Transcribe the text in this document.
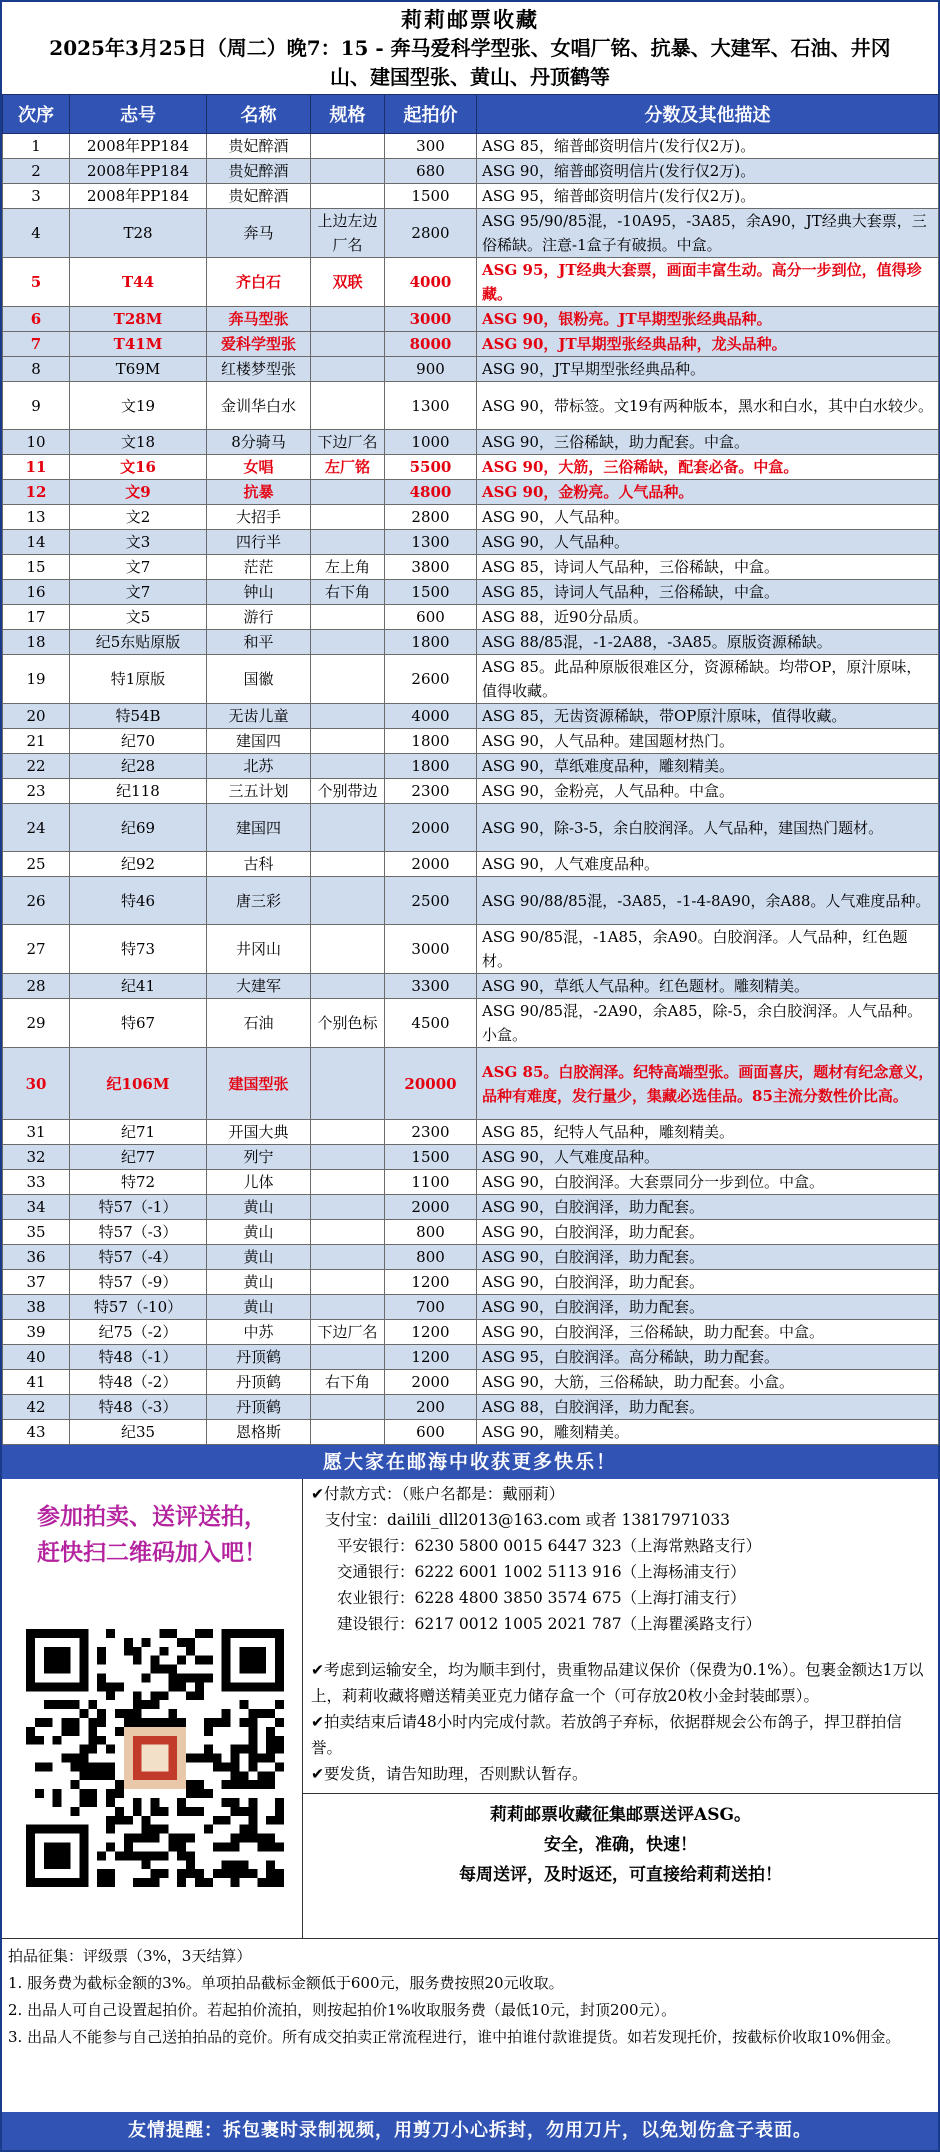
莉莉邮票收藏
2025年3月25日（周二）晚7：15 - 奔马爱科学型张、女唱厂铭、抗暴、大建军、石油、井冈
山、建国型张、黄山、丹顶鹤等
次序	志号	名称	规格	起拍价	分数及其他描述
1	2008年PP184	贵妃醉酒		300	ASG 85，缩普邮资明信片(发行仅2万)。
2	2008年PP184	贵妃醉酒		680	ASG 90，缩普邮资明信片(发行仅2万)。
3	2008年PP184	贵妃醉酒		1500	ASG 95，缩普邮资明信片(发行仅2万)。
4	T28	奔马	上边左边厂名	2800	ASG 95/90/85混，-10A95，-3A85，余A90，JT经典大套票，三俗稀缺。注意-1盒子有破损。中盒。
5	T44	齐白石	双联	4000	ASG 95，JT经典大套票，画面丰富生动。高分一步到位，值得珍藏。
6	T28M	奔马型张		3000	ASG 90，银粉亮。JT早期型张经典品种。
7	T41M	爱科学型张		8000	ASG 90，JT早期型张经典品种，龙头品种。
8	T69M	红楼梦型张		900	ASG 90，JT早期型张经典品种。
9	文19	金训华白水		1300	ASG 90，带标签。文19有两种版本，黑水和白水，其中白水较少。
10	文18	8分骑马	下边厂名	1000	ASG 90，三俗稀缺，助力配套。中盒。
11	文16	女唱	左厂铭	5500	ASG 90，大筋，三俗稀缺，配套必备。中盒。
12	文9	抗暴		4800	ASG 90，金粉亮。人气品种。
13	文2	大招手		2800	ASG 90，人气品种。
14	文3	四行半		1300	ASG 90，人气品种。
15	文7	茫茫	左上角	3800	ASG 85，诗词人气品种，三俗稀缺，中盒。
16	文7	钟山	右下角	1500	ASG 85，诗词人气品种，三俗稀缺，中盒。
17	文5	游行		600	ASG 88，近90分品质。
18	纪5东贴原版	和平		1800	ASG 88/85混，-1-2A88，-3A85。原版资源稀缺。
19	特1原版	国徽		2600	ASG 85。此品种原版很难区分，资源稀缺。均带OP，原汁原味，值得收藏。
20	特54B	无齿儿童		4000	ASG 85，无齿资源稀缺，带OP原汁原味，值得收藏。
21	纪70	建国四		1800	ASG 90，人气品种。建国题材热门。
22	纪28	北苏		1800	ASG 90，草纸难度品种，雕刻精美。
23	纪118	三五计划	个别带边	2300	ASG 90，金粉亮，人气品种。中盒。
24	纪69	建国四		2000	ASG 90，除-3-5，余白胶润泽。人气品种，建国热门题材。
25	纪92	古科		2000	ASG 90，人气难度品种。
26	特46	唐三彩		2500	ASG 90/88/85混，-3A85，-1-4-8A90，余A88。人气难度品种。
27	特73	井冈山		3000	ASG 90/85混，-1A85，余A90。白胶润泽。人气品种，红色题材。
28	纪41	大建军		3300	ASG 90，草纸人气品种。红色题材。雕刻精美。
29	特67	石油	个别色标	4500	ASG 90/85混，-2A90，余A85，除-5，余白胶润泽。人气品种。小盒。
30	纪106M	建国型张		20000	ASG 85。白胶润泽。纪特高端型张。画面喜庆，题材有纪念意义，品种有难度，发行量少，集藏必选佳品。85主流分数性价比高。
31	纪71	开国大典		2300	ASG 85，纪特人气品种，雕刻精美。
32	纪77	列宁		1500	ASG 90，人气难度品种。
33	特72	儿体		1100	ASG 90，白胶润泽。大套票同分一步到位。中盒。
34	特57（-1）	黄山		2000	ASG 90，白胶润泽，助力配套。
35	特57（-3）	黄山		800	ASG 90，白胶润泽，助力配套。
36	特57（-4）	黄山		800	ASG 90，白胶润泽，助力配套。
37	特57（-9）	黄山		1200	ASG 90，白胶润泽，助力配套。
38	特57（-10）	黄山		700	ASG 90，白胶润泽，助力配套。
39	纪75（-2）	中苏	下边厂名	1200	ASG 90，白胶润泽，三俗稀缺，助力配套。中盒。
40	特48（-1）	丹顶鹤		1200	ASG 95，白胶润泽。高分稀缺，助力配套。
41	特48（-2）	丹顶鹤	右下角	2000	ASG 90，大筋，三俗稀缺，助力配套。小盒。
42	特48（-3）	丹顶鹤		200	ASG 88，白胶润泽，助力配套。
43	纪35	恩格斯		600	ASG 90，雕刻精美。
愿大家在邮海中收获更多快乐！
参加拍卖、送评送拍，
赶快扫二维码加入吧！
✔付款方式：（账户名都是：戴丽莉）
支付宝：dailili_dll2013@163.com 或者 13817971033
平安银行：6230 5800 0015 6447 323（上海常熟路支行）
交通银行：6222 6001 1002 5113 916（上海杨浦支行）
农业银行：6228 4800 3850 3574 675（上海打浦支行）
建设银行：6217 0012 1005 2021 787（上海瞿溪路支行）

✔考虑到运输安全，均为顺丰到付，贵重物品建议保价（保费为0.1%）。包裹金额达1万以上，莉莉收藏将赠送精美亚克力储存盒一个（可存放20枚小金封装邮票）。

✔拍卖结束后请48小时内完成付款。若放鸽子弃标，依据群规会公布鸽子，捍卫群拍信誉。

✔要发货，请告知助理，否则默认暂存。

莉莉邮票收藏征集邮票送评ASG。
安全，准确，快速！
每周送评，及时返还，可直接给莉莉送拍！

拍品征集：评级票（3%，3天结算）

1. 服务费为截标金额的3%。单项拍品截标金额低于600元，服务费按照20元收取。

2. 出品人可自己设置起拍价。若起拍价流拍，则按起拍价1%收取服务费（最低10元，封顶200元）。

3. 出品人不能参与自己送拍拍品的竞价。所有成交拍卖正常流程进行，谁中拍谁付款谁提货。如若发现托价，按截标价收取10%佣金。

友情提醒：拆包裹时录制视频，用剪刀小心拆封，勿用刀片，以免划伤盒子表面。
